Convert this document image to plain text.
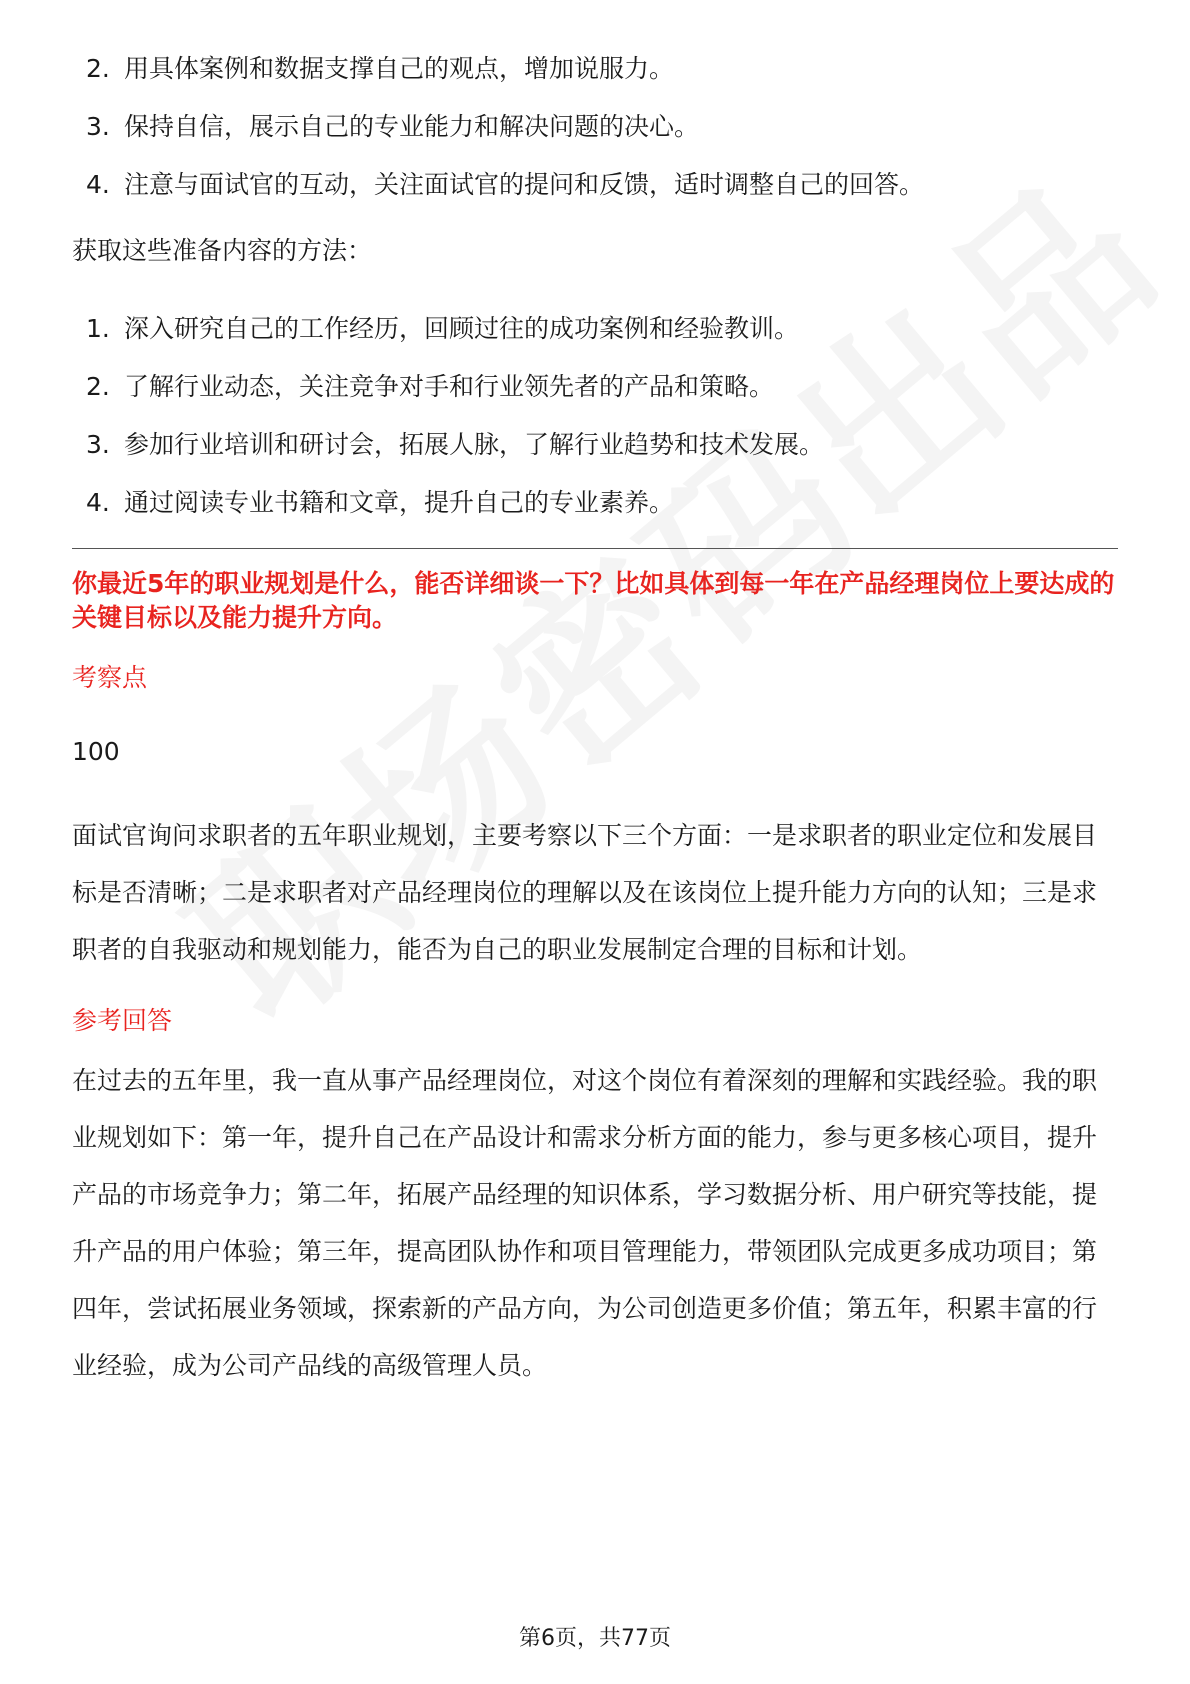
2. 用具体案例和数据支撑自己的观点，增加说服力。
3. 保持自信，展示自己的专业能力和解决问题的决心。
4. 注意与面试官的互动，关注面试官的提问和反馈，适时调整自己的回答。

获取这些准备内容的方法：

1. 深入研究自己的工作经历，回顾过往的成功案例和经验教训。
2. 了解行业动态，关注竞争对手和行业领先者的产品和策略。
3. 参加行业培训和研讨会，拓展人脉，了解行业趋势和技术发展。
4. 通过阅读专业书籍和文章，提升自己的专业素养。

你最近5年的职业规划是什么，能否详细谈一下？比如具体到每一年在产品经理岗位上要达成的关键目标以及能力提升方向。

考察点

100

面试官询问求职者的五年职业规划，主要考察以下三个方面：一是求职者的职业定位和发展目标是否清晰；二是求职者对产品经理岗位的理解以及在该岗位上提升能力方向的认知；三是求职者的自我驱动和规划能力，能否为自己的职业发展制定合理的目标和计划。

参考回答

在过去的五年里，我一直从事产品经理岗位，对这个岗位有着深刻的理解和实践经验。我的职业规划如下：第一年，提升自己在产品设计和需求分析方面的能力，参与更多核心项目，提升产品的市场竞争力；第二年，拓展产品经理的知识体系，学习数据分析、用户研究等技能，提升产品的用户体验；第三年，提高团队协作和项目管理能力，带领团队完成更多成功项目；第四年，尝试拓展业务领域，探索新的产品方向，为公司创造更多价值；第五年，积累丰富的行业经验，成为公司产品线的高级管理人员。

第6页，共77页
